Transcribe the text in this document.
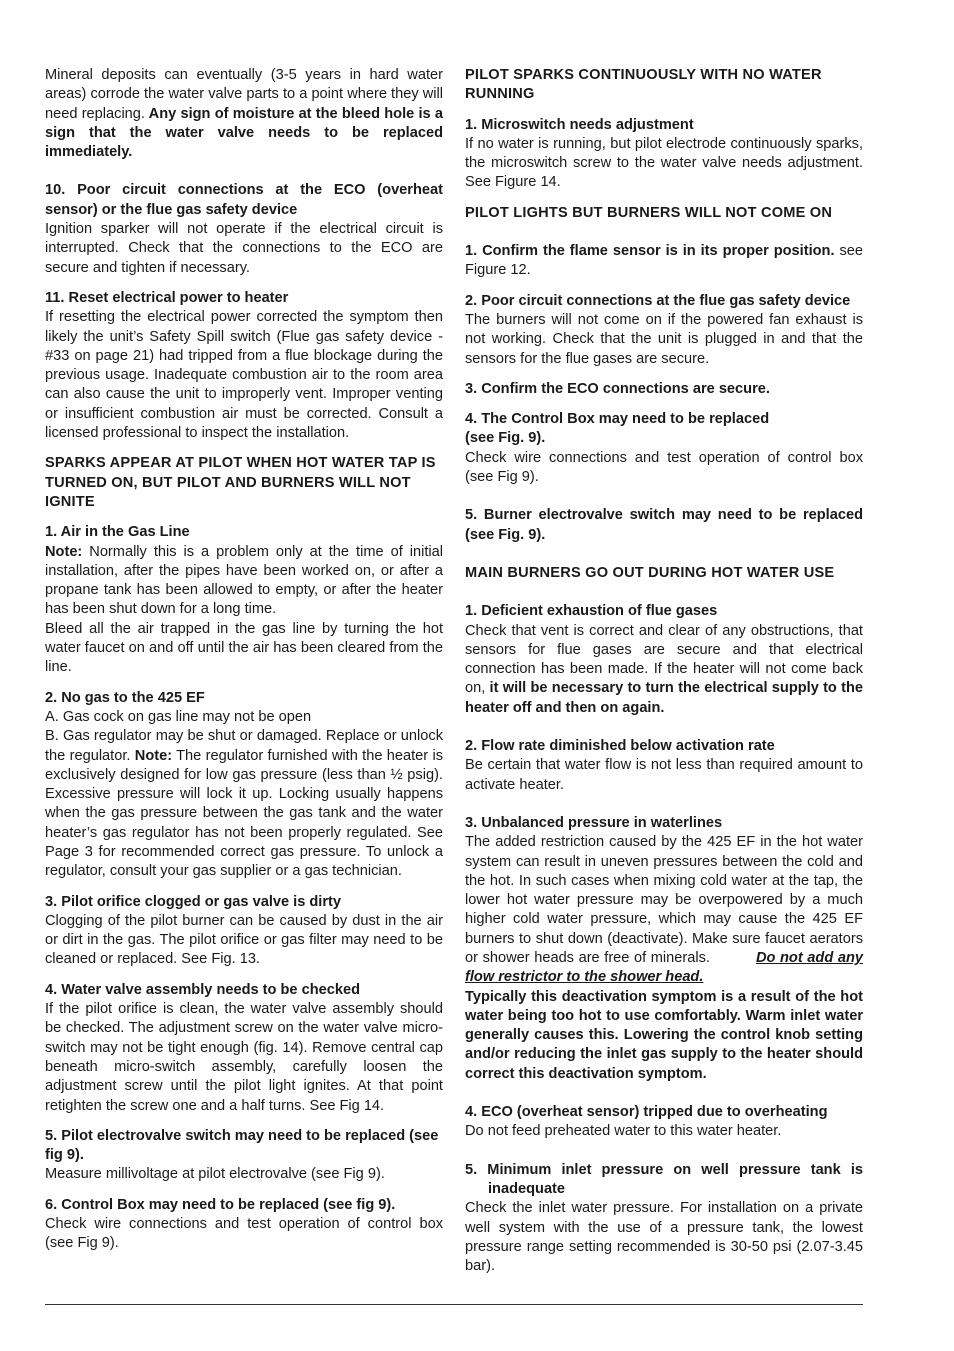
Mineral deposits can eventually (3-5 years in hard water areas) corrode the water valve parts to a point where they will need replacing. Any sign of moisture at the bleed hole is a sign that the water valve needs to be replaced immediately.

10. Poor circuit connections at the ECO (overheat sensor) or the flue gas safety device

Ignition sparker will not operate if the electrical circuit is interrupted. Check that the connections to the ECO are secure and tighten if necessary.

11. Reset electrical power to heater

If resetting the electrical power corrected the symptom then likely the unit’s Safety Spill switch (Flue gas safety device - #33 on page 21) had tripped from a flue blockage during the previous usage. Inadequate combustion air to the room area can also cause the unit to improperly vent. Improper venting or insufficient combustion air must be corrected. Consult a licensed professional to inspect the installation.

SPARKS APPEAR AT PILOT WHEN HOT WATER TAP IS TURNED ON, BUT PILOT AND BURNERS WILL NOT IGNITE

1. Air in the Gas Line

Note: Normally this is a problem only at the time of initial installation, after the pipes have been worked on, or after a propane tank has been allowed to empty, or after the heater has been shut down for a long time.

Bleed all the air trapped in the gas line by turning the hot water faucet on and off until the air has been cleared from the line.

2. No gas to the 425 EF

A. Gas cock on gas line may not be open

B. Gas regulator may be shut or damaged. Replace or unlock the regulator. Note: The regulator furnished with the heater is exclusively designed for low gas pressure (less than ½ psig). Excessive pressure will lock it up. Locking usually happens when the gas pressure between the gas tank and the water heater’s gas regulator has not been properly regulated. See Page 3 for recommended correct gas pressure. To unlock a regulator, consult your gas supplier or a gas technician.

3. Pilot orifice clogged or gas valve is dirty

Clogging of the pilot burner can be caused by dust in the air or dirt in the gas. The pilot orifice or gas filter may need to be cleaned or replaced. See Fig. 13.

4. Water valve assembly needs to be checked

If the pilot orifice is clean, the water valve assembly should be checked. The adjustment screw on the water valve micro-switch may not be tight enough (fig. 14). Remove central cap beneath micro-switch assembly, carefully loosen the adjustment screw until the pilot light ignites. At that point retighten the screw one and a half turns. See Fig 14.

5. Pilot electrovalve switch may need to be replaced (see fig 9).

Measure millivoltage at pilot electrovalve (see Fig 9).

6. Control Box may need to be replaced (see fig 9).

Check wire connections and test operation of control box (see Fig 9).

PILOT SPARKS CONTINUOUSLY WITH NO WATER RUNNING

1. Microswitch needs adjustment

If no water is running, but pilot electrode continuously sparks, the microswitch screw to the water valve needs adjustment. See Figure 14.

PILOT LIGHTS BUT BURNERS WILL NOT COME ON

1. Confirm the flame sensor is in its proper position. see Figure 12.

2. Poor circuit connections at the flue gas safety device

The burners will not come on if the powered fan exhaust is not working. Check that the unit is plugged in and that the sensors for the flue gases are secure.

3. Confirm the ECO connections are secure.

4. The Control Box may need to be replaced

(see Fig. 9).

Check wire connections and test operation of control box (see Fig 9).

5. Burner electrovalve switch may need to be replaced (see Fig. 9).

MAIN BURNERS GO OUT DURING HOT WATER USE

1. Deficient exhaustion of flue gases

Check that vent is correct and clear of any obstructions, that sensors for flue gases are secure and that electrical connection has been made. If the heater will not come back on, it will be necessary to turn the electrical supply to the heater off and then on again.

2. Flow rate diminished below activation rate

Be certain that water flow is not less than required amount to activate heater.

3. Unbalanced pressure in waterlines

The added restriction caused by the 425 EF in the hot water system can result in uneven pressures between the cold and the hot. In such cases when mixing cold water at the tap, the lower hot water pressure may be overpowered by a much higher cold water pressure, which may cause the 425 EF burners to shut down (deactivate). Make sure faucet aerators or shower heads are free of minerals.	Do not add any flow restrictor to the shower head.

Typically this deactivation symptom is a result of the hot water being too hot to use comfortably. Warm inlet water generally causes this. Lowering the control knob setting and/or reducing the inlet gas supply to the heater should correct this deactivation symptom.

4. ECO (overheat sensor) tripped due to overheating

Do not feed preheated water to this water heater.

5. Minimum inlet pressure on well pressure tank is inadequate

Check the inlet water pressure. For installation on a private well system with the use of a pressure tank, the lowest pressure range setting recommended is 30-50 psi (2.07-3.45 bar).
